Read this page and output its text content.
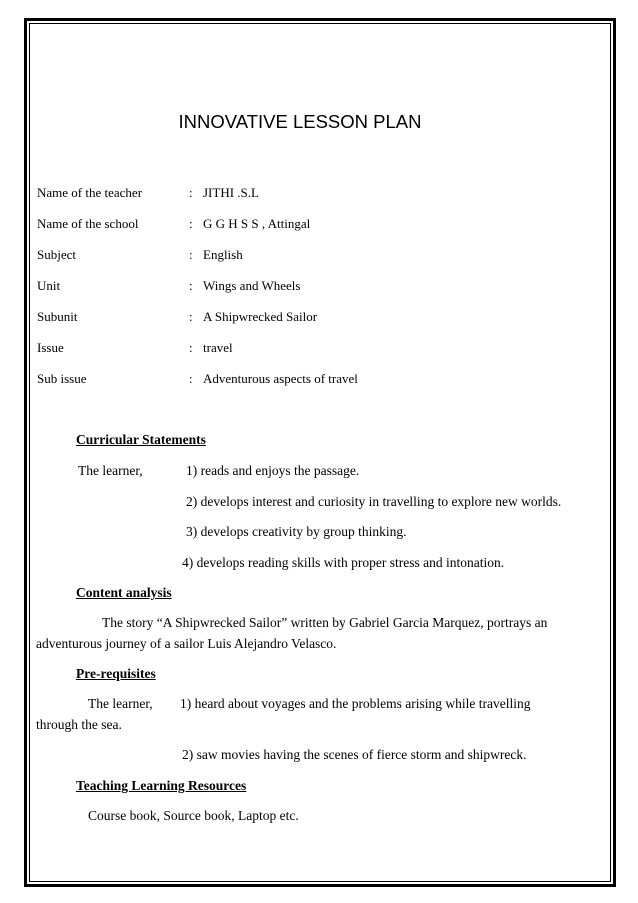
INNOVATIVE LESSON PLAN
Name of the teacher	: JITHI .S.L
Name of the school	: G G H S S , Attingal
Subject	: English
Unit	: Wings and Wheels
Subunit	: A Shipwrecked Sailor
Issue	: travel
Sub issue	: Adventurous aspects of travel
Curricular Statements
The learner,	1) reads and enjoys the passage.
2) develops interest and curiosity in travelling to explore new worlds.
3) develops creativity by group thinking.
4) develops reading skills with proper stress and intonation.
Content analysis
The story “A Shipwrecked Sailor” written by Gabriel Garcia Marquez, portrays an
adventurous journey of a sailor Luis Alejandro Velasco.
Pre-requisites
The learner, 1) heard about voyages and the problems arising while travelling
through the sea.
2) saw movies having the scenes of fierce storm and shipwreck.
Teaching Learning Resources
Course book, Source book, Laptop etc.
